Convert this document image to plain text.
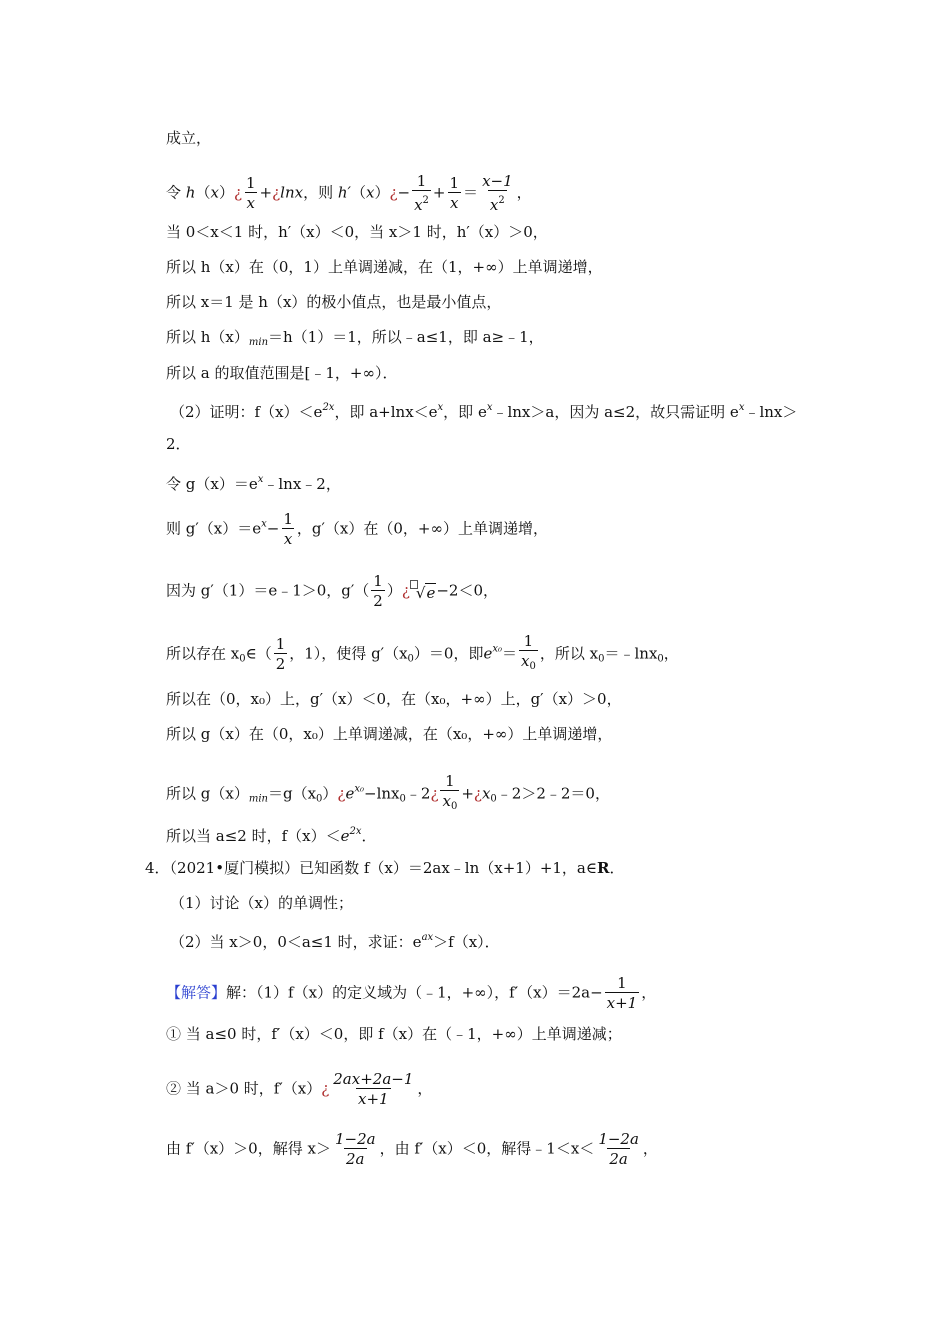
成立，
令 h（x）¿ $\frac{1}{x}$ +¿lnx，则 h′（x）¿− $\frac{1}{x^2} + \frac{1}{x} = \frac{x-1}{x^2}$ ，
当 0＜x＜1 时，h′（x）＜0，当 x＞1 时，h′（x）＞0，
所以 h（x）在（0，1）上单调递减，在（1，+∞）上单调递增，
所以 x＝1 是 h（x）的极小值点，也是最小值点，
所以 $h(x)_{min}=h(1)=1$，所以﹣a≤1，即 a≥﹣1，
所以 a 的取值范围是[﹣1，+∞）．
（2）证明：$f(x)<e^{2x}$，即 $a+\ln x<e^x$，即 $e^x﹣\ln x>a$，因为 a≤2，故只需证明 $e^x﹣\ln x>$
2．
令 $g(x)=e^x﹣\ln x﹣2$，
则 $g'(x)=e^x- \frac{1}{x}$ ，g′（x）在（0，+∞）上单调递增，
因为 g′（1）＝e﹣1＞0，$g'( \frac{1}{2}$ ）¿ √e−2＜0，
所以存在 $x_0\in( \frac{1}{2}$ ，1），使得 $g'(x_0)=0$，即$e^{x_0}= \frac{1}{x_0}$ ，所以 $x_0=﹣\ln x_0$，
所以在（0，x₀）上，g′（x）＜0，在（x₀，+∞）上，g′（x）＞0，
所以 g（x）在（0，x₀）上单调递减，在（x₀，+∞）上单调递增，
所以 $g(x)_{min}=g(x_0)¿e^{x_0}-\ln x_0﹣2¿ \frac{1}{x_0}$ $+¿x_0﹣2>2﹣2=0$，
所以当 a≤2 时，$f(x)<e^{2x}$．
4．（2021•厦门模拟）已知函数 f（x）＝2ax﹣ln（x+1）+1，a∈R．
（1）讨论（x）的单调性；
（2）当 x＞0，0＜a≤1 时，求证：$e^{ax}>f(x)$．
【解答】解：（1）f（x）的定义域为（﹣1，+∞），$f'(x)=2a- \frac{1}{x+1}$ ，
① 当 a≤0 时，f′（x）＜0，即 f（x）在（﹣1，+∞）上单调递减；
② 当 a＞0 时，f′（x）¿ $\frac{2ax+2a-1}{x+1}$ ，
由 f′（x）＞0，解得 $x> \frac{1-2a}{2a}$ ，由 f′（x）＜0，解得﹣1＜x＜ $\frac{1-2a}{2a}$ ，
